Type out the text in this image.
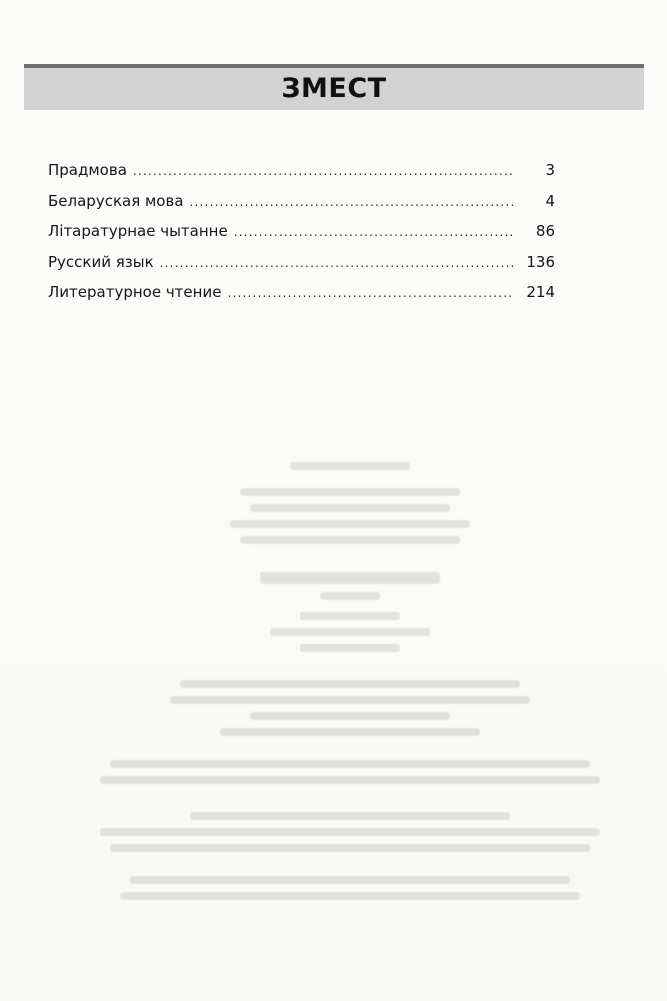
ЗМЕСТ
Прадмова .....	3
Беларуская мова .....	4
Літаратурнае чытанне .....	86
Русский язык .....	136
Литературное чтение .....	214
